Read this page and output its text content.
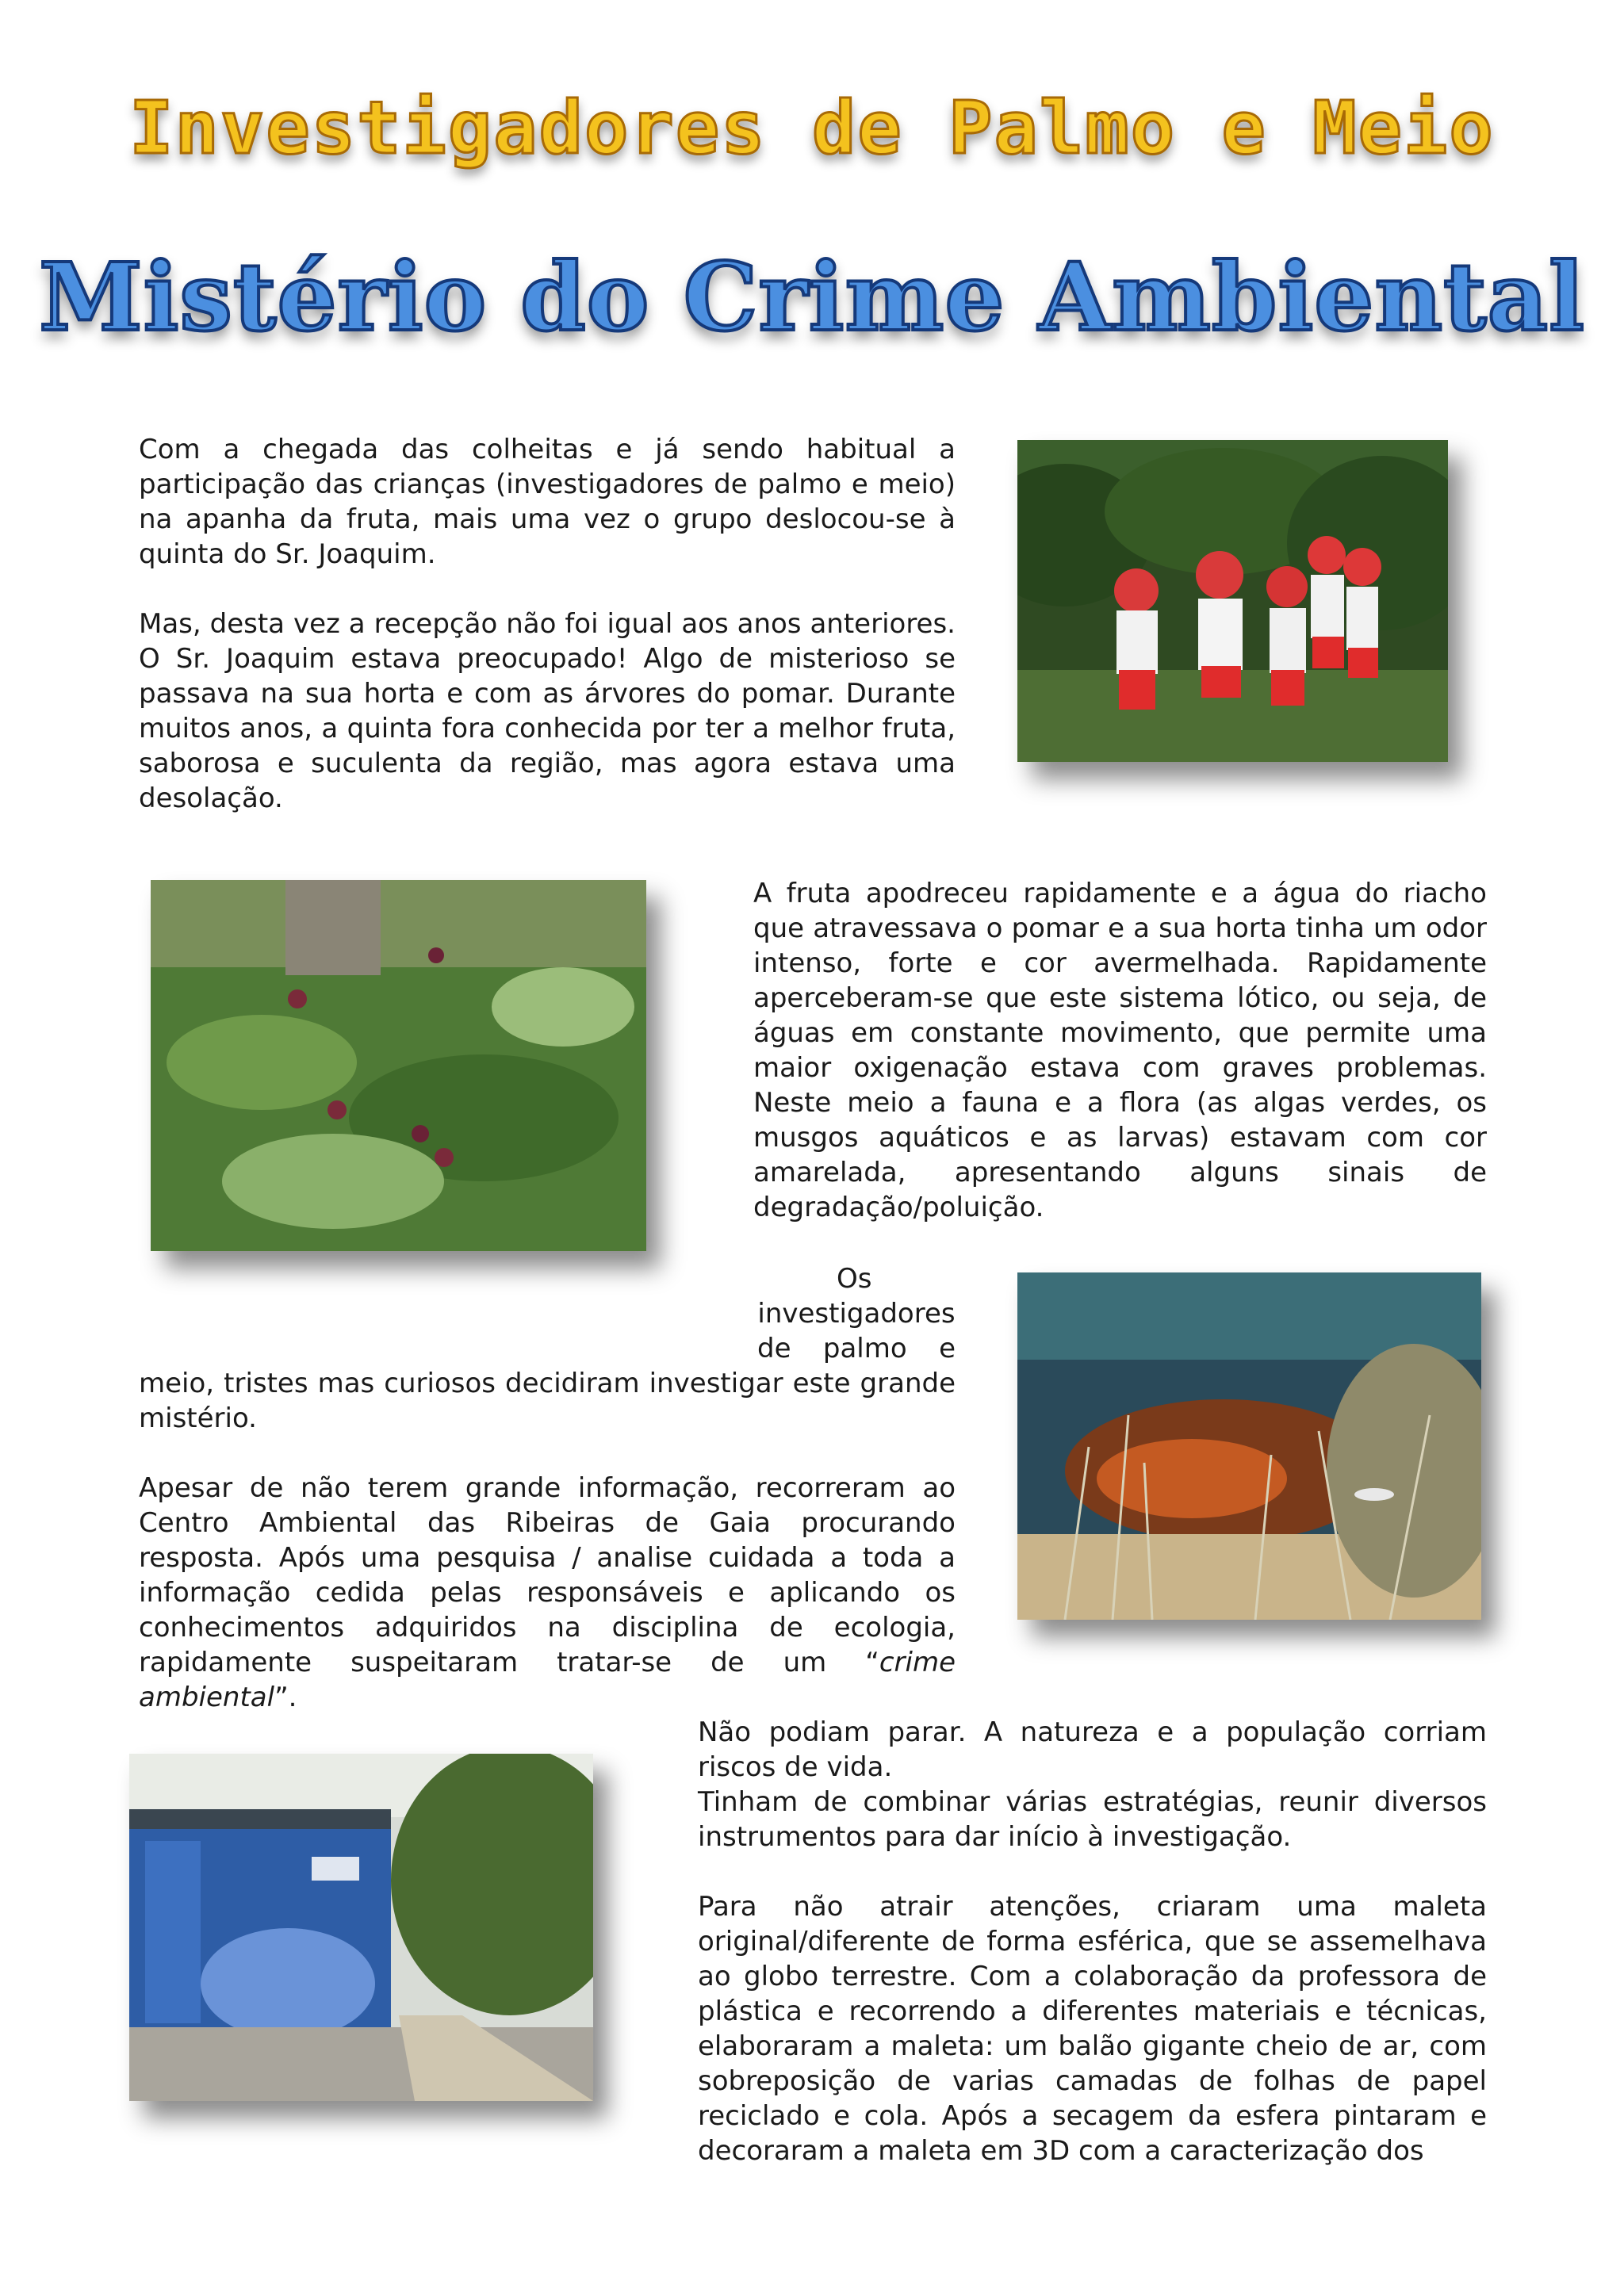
Investigadores de Palmo e Meio
Mistério do Crime Ambiental

Com a chegada das colheitas e já sendo habitual a participação das crianças (investigadores de palmo e meio) na apanha da fruta, mais uma vez o grupo deslocou-se à quinta do Sr. Joaquim.

Mas, desta vez a recepção não foi igual aos anos anteriores. O Sr. Joaquim estava preocupado! Algo de misterioso se passava na sua horta e com as árvores do pomar. Durante muitos anos, a quinta fora conhecida por ter a melhor fruta, saborosa e suculenta da região, mas agora estava uma desolação.

A fruta apodreceu rapidamente e a água do riacho que atravessava o pomar e a sua horta tinha um odor intenso, forte e cor avermelhada. Rapidamente aperceberam-se que este sistema lótico, ou seja, de águas em constante movimento, que permite uma maior oxigenação estava com graves problemas. Neste meio a fauna e a flora (as algas verdes, os musgos aquáticos e as larvas) estavam com cor amarelada, apresentando alguns sinais de degradação/poluição.

Os
investigadores
de palmo e

meio, tristes mas curiosos decidiram investigar este grande mistério.

Apesar de não terem grande informação, recorreram ao Centro Ambiental das Ribeiras de Gaia procurando resposta. Após uma pesquisa / analise cuidada a toda a informação cedida pelas responsáveis e aplicando os conhecimentos adquiridos na disciplina de ecologia, rapidamente suspeitaram tratar-se de um “crime ambiental”.

Não podiam parar. A natureza e a população corriam riscos de vida.
Tinham de combinar várias estratégias, reunir diversos instrumentos para dar início à investigação.

Para não atrair atenções, criaram uma maleta original/diferente de forma esférica, que se assemelhava ao globo terrestre. Com a colaboração da professora de plástica e recorrendo a diferentes materiais e técnicas, elaboraram a maleta: um balão gigante cheio de ar, com sobreposição de varias camadas de folhas de papel reciclado e cola. Após a secagem da esfera pintaram e decoraram a maleta em 3D com a caracterização dos
